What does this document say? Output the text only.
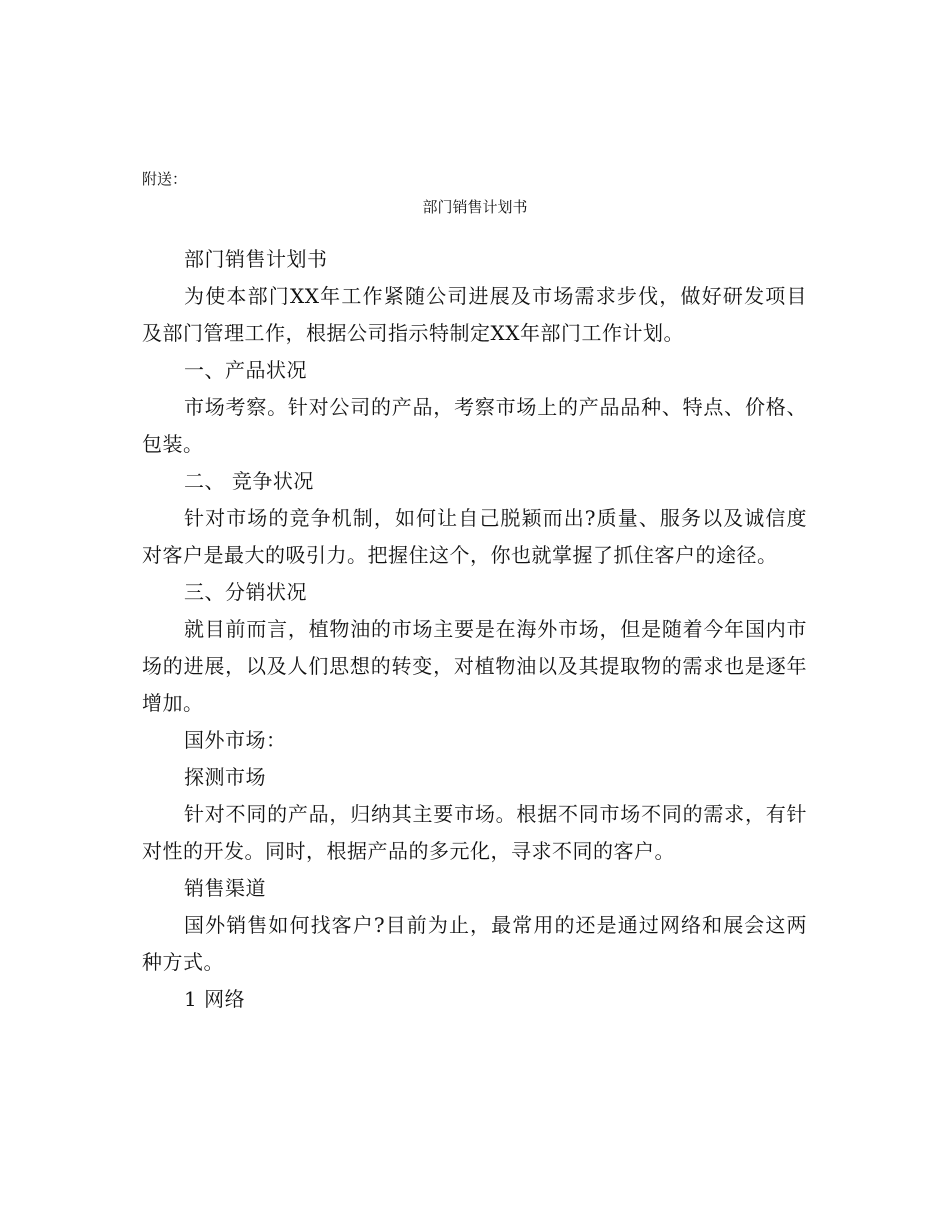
附送：
部门销售计划书

部门销售计划书

为使本部门XX年工作紧随公司进展及市场需求步伐，做好研发项目及部门管理工作，根据公司指示特制定XX年部门工作计划。

一、产品状况

市场考察。针对公司的产品，考察市场上的产品品种、特点、价格、包装。

二、 竞争状况

针对市场的竞争机制，如何让自己脱颖而出?质量、服务以及诚信度对客户是最大的吸引力。把握住这个，你也就掌握了抓住客户的途径。

三、分销状况

就目前而言，植物油的市场主要是在海外市场，但是随着今年国内市场的进展，以及人们思想的转变，对植物油以及其提取物的需求也是逐年增加。

国外市场：

探测市场

针对不同的产品，归纳其主要市场。根据不同市场不同的需求，有针对性的开发。同时，根据产品的多元化，寻求不同的客户。

销售渠道

国外销售如何找客户?目前为止，最常用的还是通过网络和展会这两种方式。

1 网络
